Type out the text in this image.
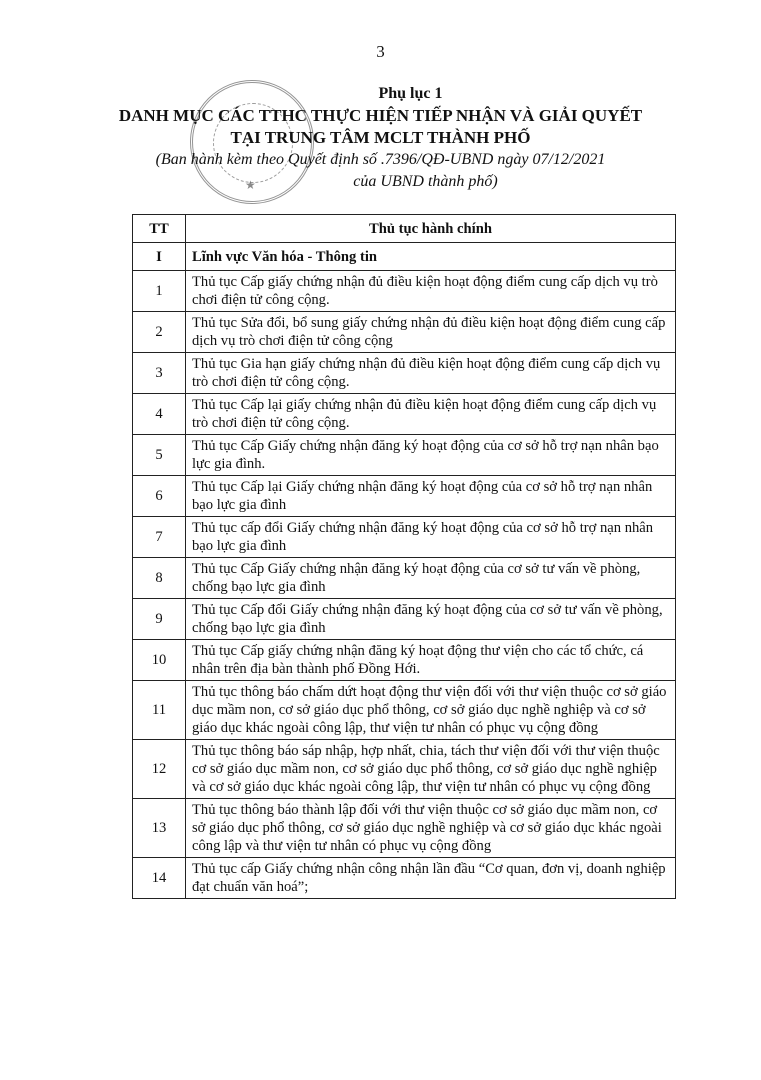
3
★
Phụ lục 1
DANH MỤC CÁC TTHC THỰC HIỆN TIẾP NHẬN VÀ GIẢI QUYẾT
TẠI TRUNG TÂM MCLT THÀNH PHỐ
(Ban hành kèm theo Quyết định số .7396/QĐ-UBND ngày 07/12/2021
của UBND thành phố)
TT	Thủ tục hành chính
I	Lĩnh vực Văn hóa - Thông tin
1	Thủ tục Cấp giấy chứng nhận đủ điều kiện hoạt động điểm cung cấp dịch vụ trò chơi điện tử công cộng.
2	Thủ tục Sửa đổi, bổ sung giấy chứng nhận đủ điều kiện hoạt động điểm cung cấp dịch vụ trò chơi điện tử công cộng
3	Thủ tục Gia hạn giấy chứng nhận đủ điều kiện hoạt động điểm cung cấp dịch vụ trò chơi điện tử công cộng.
4	Thủ tục Cấp lại giấy chứng nhận đủ điều kiện hoạt động điểm cung cấp dịch vụ trò chơi điện tử công cộng.
5	Thủ tục Cấp Giấy chứng nhận đăng ký hoạt động của cơ sở hỗ trợ nạn nhân bạo lực gia đình.
6	Thủ tục Cấp lại Giấy chứng nhận đăng ký hoạt động của cơ sở hỗ trợ nạn nhân bạo lực gia đình
7	Thủ tục cấp đổi Giấy chứng nhận đăng ký hoạt động của cơ sở hỗ trợ nạn nhân bạo lực gia đình
8	Thủ tục Cấp Giấy chứng nhận đăng ký hoạt động của cơ sở tư vấn về phòng, chống bạo lực gia đình
9	Thủ tục Cấp đổi Giấy chứng nhận đăng ký hoạt động của cơ sở tư vấn về phòng, chống bạo lực gia đình
10	Thủ tục Cấp giấy chứng nhận đăng ký hoạt động thư viện cho các tổ chức, cá nhân trên địa bàn thành phố Đồng Hới.
11	Thủ tục thông báo chấm dứt hoạt động thư viện đối với thư viện thuộc cơ sở giáo dục mầm non, cơ sở giáo dục phổ thông, cơ sở giáo dục nghề nghiệp và cơ sở giáo dục khác ngoài công lập, thư viện tư nhân có phục vụ cộng đồng
12	Thủ tục thông báo sáp nhập, hợp nhất, chia, tách thư viện đối với thư viện thuộc cơ sở giáo dục mầm non, cơ sở giáo dục phổ thông, cơ sở giáo dục nghề nghiệp và cơ sở giáo dục khác ngoài công lập, thư viện tư nhân có phục vụ cộng đồng
13	Thủ tục thông báo thành lập đối với thư viện thuộc cơ sở giáo dục mầm non, cơ sở giáo dục phổ thông, cơ sở giáo dục nghề nghiệp và cơ sở giáo dục khác ngoài công lập và thư viện tư nhân có phục vụ cộng đồng
14	Thủ tục cấp Giấy chứng nhận công nhận lần đầu “Cơ quan, đơn vị, doanh nghiệp đạt chuẩn văn hoá”;
